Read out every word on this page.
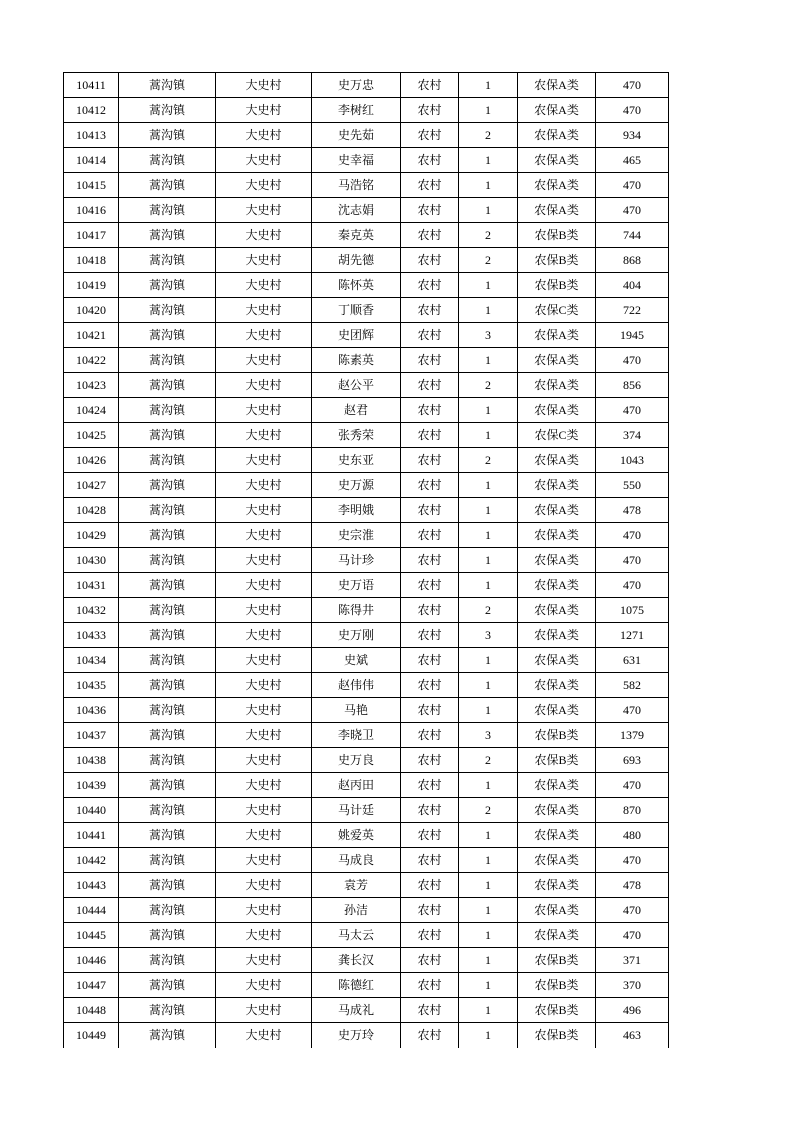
10411	蒿沟镇	大史村	史万忠	农村	1	农保A类	470
10412	蒿沟镇	大史村	李树红	农村	1	农保A类	470
10413	蒿沟镇	大史村	史先茹	农村	2	农保A类	934
10414	蒿沟镇	大史村	史幸福	农村	1	农保A类	465
10415	蒿沟镇	大史村	马浩铭	农村	1	农保A类	470
10416	蒿沟镇	大史村	沈志娟	农村	1	农保A类	470
10417	蒿沟镇	大史村	秦克英	农村	2	农保B类	744
10418	蒿沟镇	大史村	胡先德	农村	2	农保B类	868
10419	蒿沟镇	大史村	陈怀英	农村	1	农保B类	404
10420	蒿沟镇	大史村	丁顺香	农村	1	农保C类	722
10421	蒿沟镇	大史村	史团辉	农村	3	农保A类	1945
10422	蒿沟镇	大史村	陈素英	农村	1	农保A类	470
10423	蒿沟镇	大史村	赵公平	农村	2	农保A类	856
10424	蒿沟镇	大史村	赵君	农村	1	农保A类	470
10425	蒿沟镇	大史村	张秀荣	农村	1	农保C类	374
10426	蒿沟镇	大史村	史东亚	农村	2	农保A类	1043
10427	蒿沟镇	大史村	史万源	农村	1	农保A类	550
10428	蒿沟镇	大史村	李明娥	农村	1	农保A类	478
10429	蒿沟镇	大史村	史宗淮	农村	1	农保A类	470
10430	蒿沟镇	大史村	马计珍	农村	1	农保A类	470
10431	蒿沟镇	大史村	史万语	农村	1	农保A类	470
10432	蒿沟镇	大史村	陈得井	农村	2	农保A类	1075
10433	蒿沟镇	大史村	史万刚	农村	3	农保A类	1271
10434	蒿沟镇	大史村	史斌	农村	1	农保A类	631
10435	蒿沟镇	大史村	赵伟伟	农村	1	农保A类	582
10436	蒿沟镇	大史村	马艳	农村	1	农保A类	470
10437	蒿沟镇	大史村	李晓卫	农村	3	农保B类	1379
10438	蒿沟镇	大史村	史万良	农村	2	农保B类	693
10439	蒿沟镇	大史村	赵丙田	农村	1	农保A类	470
10440	蒿沟镇	大史村	马计廷	农村	2	农保A类	870
10441	蒿沟镇	大史村	姚爱英	农村	1	农保A类	480
10442	蒿沟镇	大史村	马成良	农村	1	农保A类	470
10443	蒿沟镇	大史村	袁芳	农村	1	农保A类	478
10444	蒿沟镇	大史村	孙洁	农村	1	农保A类	470
10445	蒿沟镇	大史村	马太云	农村	1	农保A类	470
10446	蒿沟镇	大史村	龚长汉	农村	1	农保B类	371
10447	蒿沟镇	大史村	陈德红	农村	1	农保B类	370
10448	蒿沟镇	大史村	马成礼	农村	1	农保B类	496
10449	蒿沟镇	大史村	史万玲	农村	1	农保B类	463
